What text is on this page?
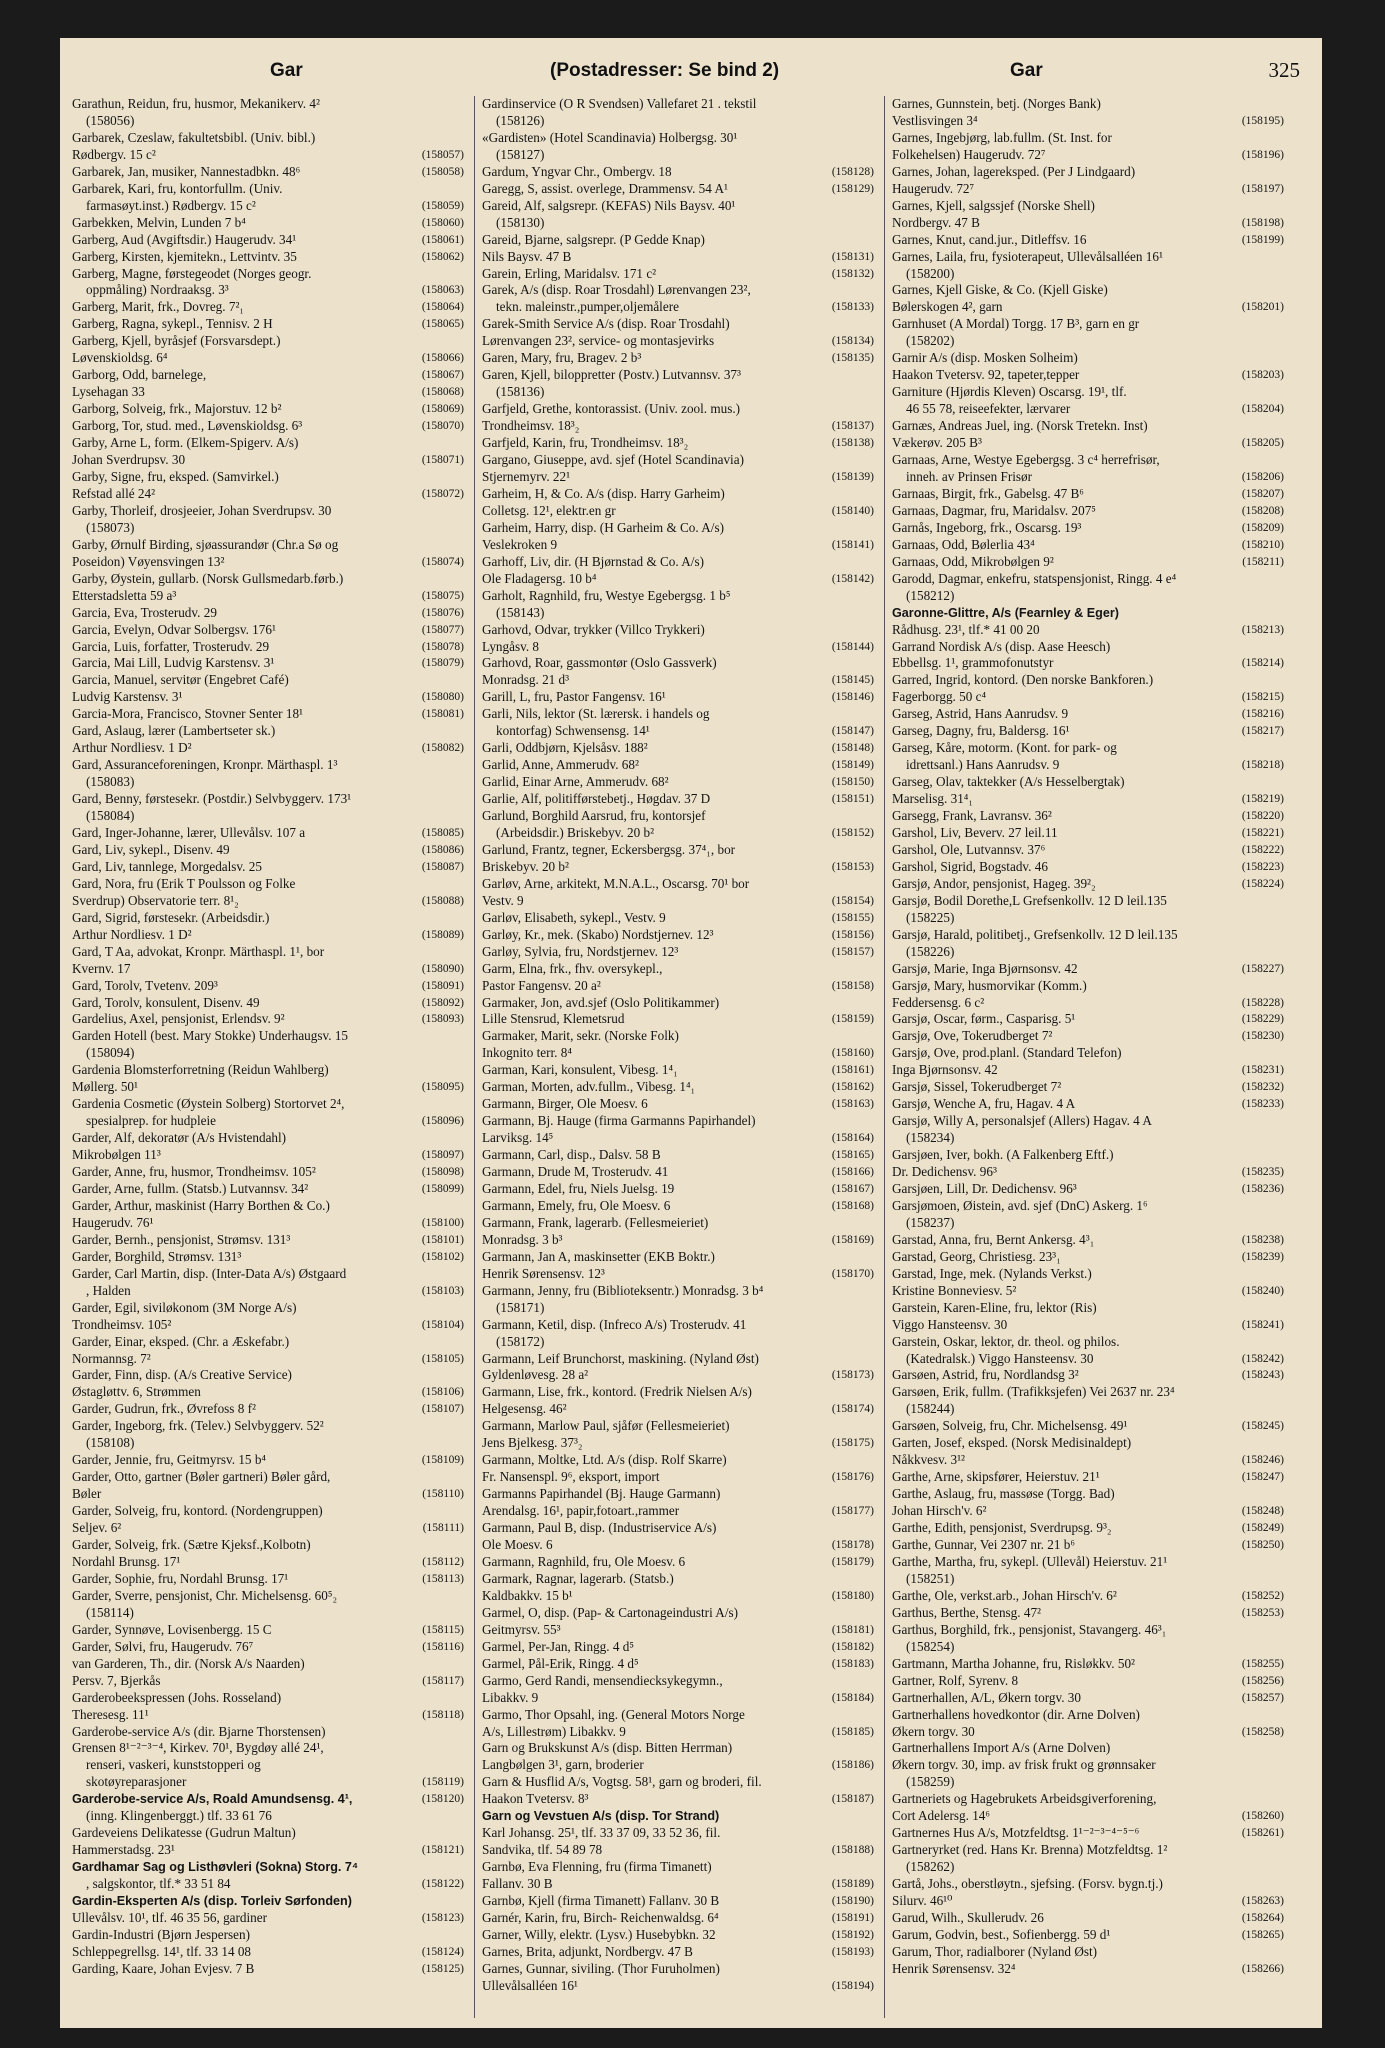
Gar	(Postadresser: Se bind 2)	Gar	325
Garathun, Reidun, fru, husmor, Mekanikerv. 4²
(158056)
Garbarek, Czeslaw, fakultetsbibl. (Univ. bibl.)
Rødbergv. 15 c²	(158057)
Garbarek, Jan, musiker, Nannestadbkn. 48⁶	(158058)
Garbarek, Kari, fru, kontorfullm. (Univ.
farmasøyt.inst.) Rødbergv. 15 c²	(158059)
Garbekken, Melvin, Lunden 7 b⁴	(158060)
Garberg, Aud (Avgiftsdir.) Haugerudv. 34¹	(158061)
Garberg, Kirsten, kjemitekn., Lettvintv. 35	(158062)
Garberg, Magne, førstegeodet (Norges geogr.
oppmåling) Nordraaksg. 3³	(158063)
Garberg, Marit, frk., Dovreg. 7²₁	(158064)
Garberg, Ragna, sykepl., Tennisv. 2 H	(158065)
Garberg, Kjell, byråsjef (Forsvarsdept.)
Løvenskioldsg. 6⁴	(158066)
Garborg, Odd, barnelege,	(158067)
Lysehagan 33	(158068)
Garborg, Solveig, frk., Majorstuv. 12 b²	(158069)
Garborg, Tor, stud. med., Løvenskioldsg. 6³	(158070)
Garby, Arne L, form. (Elkem-Spigerv. A/s)
Johan Sverdrupsv. 30	(158071)
Garby, Signe, fru, eksped. (Samvirkel.)
Refstad allé 24²	(158072)
Garby, Thorleif, drosjeeier, Johan Sverdrupsv. 30
(158073)
Garby, Ørnulf Birding, sjøassurandør (Chr.a Sø og
Poseidon) Vøyensvingen 13²	(158074)
Garby, Øystein, gullarb. (Norsk Gullsmedarb.førb.)
Etterstadsletta 59 a³	(158075)
Garcia, Eva, Trosterudv. 29	(158076)
Garcia, Evelyn, Odvar Solbergsv. 176¹	(158077)
Garcia, Luis, forfatter, Trosterudv. 29	(158078)
Garcia, Mai Lill, Ludvig Karstensv. 3¹	(158079)
Garcia, Manuel, servitør (Engebret Café)
Ludvig Karstensv. 3¹	(158080)
Garcia-Mora, Francisco, Stovner Senter 18¹	(158081)
Gard, Aslaug, lærer (Lambertseter sk.)
Arthur Nordliesv. 1 D²	(158082)
Gard, Assuranceforeningen, Kronpr. Märthaspl. 1³
(158083)
Gard, Benny, førstesekr. (Postdir.) Selvbyggerv. 173¹
(158084)
Gard, Inger-Johanne, lærer, Ullevålsv. 107 a	(158085)
Gard, Liv, sykepl., Disenv. 49	(158086)
Gard, Liv, tannlege, Morgedalsv. 25	(158087)
Gard, Nora, fru (Erik T Poulsson og Folke
Sverdrup) Observatorie terr. 8¹₂	(158088)
Gard, Sigrid, førstesekr. (Arbeidsdir.)
Arthur Nordliesv. 1 D²	(158089)
Gard, T Aa, advokat, Kronpr. Märthaspl. 1¹, bor
Kvernv. 17	(158090)
Gard, Torolv, Tvetenv. 209³	(158091)
Gard, Torolv, konsulent, Disenv. 49	(158092)
Gardelius, Axel, pensjonist, Erlendsv. 9²	(158093)
Garden Hotell (best. Mary Stokke) Underhaugsv. 15
(158094)
Gardenia Blomsterforretning (Reidun Wahlberg)
Møllerg. 50¹	(158095)
Gardenia Cosmetic (Øystein Solberg) Stortorvet 2⁴,
spesialprep. for hudpleie	(158096)
Garder, Alf, dekoratør (A/s Hvistendahl)
Mikrobølgen 11³	(158097)
Garder, Anne, fru, husmor, Trondheimsv. 105²	(158098)
Garder, Arne, fullm. (Statsb.) Lutvannsv. 34²	(158099)
Garder, Arthur, maskinist (Harry Borthen & Co.)
Haugerudv. 76¹	(158100)
Garder, Bernh., pensjonist, Strømsv. 131³	(158101)
Garder, Borghild, Strømsv. 131³	(158102)
Garder, Carl Martin, disp. (Inter-Data A/s) Østgaard
, Halden	(158103)
Garder, Egil, siviløkonom (3M Norge A/s)
Trondheimsv. 105²	(158104)
Garder, Einar, eksped. (Chr. a Æskefabr.)
Normannsg. 7²	(158105)
Garder, Finn, disp. (A/s Creative Service)
Østagløttv. 6, Strømmen	(158106)
Garder, Gudrun, frk., Øvrefoss 8 f²	(158107)
Garder, Ingeborg, frk. (Telev.) Selvbyggerv. 52²
(158108)
Garder, Jennie, fru, Geitmyrsv. 15 b⁴	(158109)
Garder, Otto, gartner (Bøler gartneri) Bøler gård,
Bøler	(158110)
Garder, Solveig, fru, kontord. (Nordengruppen)
Seljev. 6²	(158111)
Garder, Solveig, frk. (Sætre Kjeksf.,Kolbotn)
Nordahl Brunsg. 17¹	(158112)
Garder, Sophie, fru, Nordahl Brunsg. 17¹	(158113)
Garder, Sverre, pensjonist, Chr. Michelsensg. 60⁵₂
(158114)
Garder, Synnøve, Lovisenbergg. 15 C	(158115)
Garder, Sølvi, fru, Haugerudv. 76⁷	(158116)
van Garderen, Th., dir. (Norsk A/s Naarden)
Persv. 7, Bjerkås	(158117)
Garderobeekspressen (Johs. Rosseland)
Theresesg. 11¹	(158118)
Garderobe-service A/s (dir. Bjarne Thorstensen)
Grensen 8¹⁻²⁻³⁻⁴, Kirkev. 70¹, Bygdøy allé 24¹,
renseri, vaskeri, kunststopperi og
skotøyreparasjoner	(158119)
Garderobe-service A/s, Roald Amundsensg. 4¹,	(158120)
(inng. Klingenberggt.) tlf. 33 61 76
Gardeveiens Delikatesse (Gudrun Maltun)
Hammerstadsg. 23¹	(158121)
Gardhamar Sag og Listhøvleri (Sokna) Storg. 7⁴
, salgskontor, tlf.* 33 51 84	(158122)
Gardin-Eksperten A/s (disp. Torleiv Sørfonden)
Ullevålsv. 10¹, tlf. 46 35 56, gardiner	(158123)
Gardin-Industri (Bjørn Jespersen)
Schleppegrellsg. 14¹, tlf. 33 14 08	(158124)
Garding, Kaare, Johan Evjesv. 7 B	(158125)
Gardinservice (O R Svendsen) Vallefaret 21 . tekstil
(158126)
«Gardisten» (Hotel Scandinavia) Holbergsg. 30¹
(158127)
Gardum, Yngvar Chr., Ombergv. 18	(158128)
Garegg, S, assist. overlege, Drammensv. 54 A¹	(158129)
Gareid, Alf, salgsrepr. (KEFAS) Nils Baysv. 40¹
(158130)
Gareid, Bjarne, salgsrepr. (P Gedde Knap)
Nils Baysv. 47 B	(158131)
Garein, Erling, Maridalsv. 171 c²	(158132)
Garek, A/s (disp. Roar Trosdahl) Lørenvangen 23²,
tekn. maleinstr.,pumper,oljemålere	(158133)
Garek-Smith Service A/s (disp. Roar Trosdahl)
Lørenvangen 23², service- og montasjevirks	(158134)
Garen, Mary, fru, Bragev. 2 b³	(158135)
Garen, Kjell, biloppretter (Postv.) Lutvannsv. 37³
(158136)
Garfjeld, Grethe, kontorassist. (Univ. zool. mus.)
Trondheimsv. 18³₂	(158137)
Garfjeld, Karin, fru, Trondheimsv. 18³₂	(158138)
Gargano, Giuseppe, avd. sjef (Hotel Scandinavia)
Stjernemyrv. 22¹	(158139)
Garheim, H, & Co. A/s (disp. Harry Garheim)
Colletsg. 12¹, elektr.en gr	(158140)
Garheim, Harry, disp. (H Garheim & Co. A/s)
Veslekroken 9	(158141)
Garhoff, Liv, dir. (H Bjørnstad & Co. A/s)
Ole Fladagersg. 10 b⁴	(158142)
Garholt, Ragnhild, fru, Westye Egebergsg. 1 b⁵
(158143)
Garhovd, Odvar, trykker (Villco Trykkeri)
Lyngåsv. 8	(158144)
Garhovd, Roar, gassmontør (Oslo Gassverk)
Monradsg. 21 d³	(158145)
Garill, L, fru, Pastor Fangensv. 16¹	(158146)
Garli, Nils, lektor (St. lærersk. i handels og
kontorfag) Schwensensg. 14¹	(158147)
Garli, Oddbjørn, Kjelsåsv. 188²	(158148)
Garlid, Anne, Ammerudv. 68²	(158149)
Garlid, Einar Arne, Ammerudv. 68²	(158150)
Garlie, Alf, politifførstebetj., Høgdav. 37 D	(158151)
Garlund, Borghild Aarsrud, fru, kontorsjef
(Arbeidsdir.) Briskebyv. 20 b²	(158152)
Garlund, Frantz, tegner, Eckersbergsg. 37⁴₁, bor
Briskebyv. 20 b²	(158153)
Garløv, Arne, arkitekt, M.N.A.L., Oscarsg. 70¹ bor
Vestv. 9	(158154)
Garløv, Elisabeth, sykepl., Vestv. 9	(158155)
Garløy, Kr., mek. (Skabo) Nordstjernev. 12³	(158156)
Garløy, Sylvia, fru, Nordstjernev. 12³	(158157)
Garm, Elna, frk., fhv. oversykepl.,
Pastor Fangensv. 20 a²	(158158)
Garmaker, Jon, avd.sjef (Oslo Politikammer)
Lille Stensrud, Klemetsrud	(158159)
Garmaker, Marit, sekr. (Norske Folk)
Inkognito terr. 8⁴	(158160)
Garman, Kari, konsulent, Vibesg. 1⁴₁	(158161)
Garman, Morten, adv.fullm., Vibesg. 1⁴₁	(158162)
Garmann, Birger, Ole Moesv. 6	(158163)
Garmann, Bj. Hauge (firma Garmanns Papirhandel)
Larviksg. 14⁵	(158164)
Garmann, Carl, disp., Dalsv. 58 B	(158165)
Garmann, Drude M, Trosterudv. 41	(158166)
Garmann, Edel, fru, Niels Juelsg. 19	(158167)
Garmann, Emely, fru, Ole Moesv. 6	(158168)
Garmann, Frank, lagerarb. (Fellesmeieriet)
Monradsg. 3 b³	(158169)
Garmann, Jan A, maskinsetter (EKB Boktr.)
Henrik Sørensensv. 12³	(158170)
Garmann, Jenny, fru (Biblioteksentr.) Monradsg. 3 b⁴
(158171)
Garmann, Ketil, disp. (Infreco A/s) Trosterudv. 41
(158172)
Garmann, Leif Brunchorst, maskining. (Nyland Øst)
Gyldenløvesg. 28 a²	(158173)
Garmann, Lise, frk., kontord. (Fredrik Nielsen A/s)
Helgesensg. 46²	(158174)
Garmann, Marlow Paul, sjåfør (Fellesmeieriet)
Jens Bjelkesg. 37³₂	(158175)
Garmann, Moltke, Ltd. A/s (disp. Rolf Skarre)
Fr. Nansenspl. 9⁶, eksport, import	(158176)
Garmanns Papirhandel (Bj. Hauge Garmann)
Arendalsg. 16¹, papir,fotoart.,rammer	(158177)
Garmann, Paul B, disp. (Industriservice A/s)
Ole Moesv. 6	(158178)
Garmann, Ragnhild, fru, Ole Moesv. 6	(158179)
Garmark, Ragnar, lagerarb. (Statsb.)
Kaldbakkv. 15 b¹	(158180)
Garmel, O, disp. (Pap- & Cartonageindustri A/s)
Geitmyrsv. 55³	(158181)
Garmel, Per-Jan, Ringg. 4 d⁵	(158182)
Garmel, Pål-Erik, Ringg. 4 d⁵	(158183)
Garmo, Gerd Randi, mensendiecksykegymn.,
Libakkv. 9	(158184)
Garmo, Thor Opsahl, ing. (General Motors Norge
A/s, Lillestrøm) Libakkv. 9	(158185)
Garn og Brukskunst A/s (disp. Bitten Herrman)
Langbølgen 3¹, garn, broderier	(158186)
Garn & Husflid A/s, Vogtsg. 58¹, garn og broderi, fil.
Haakon Tvetersv. 8³	(158187)
Garn og Vevstuen A/s (disp. Tor Strand)
Karl Johansg. 25¹, tlf. 33 37 09, 33 52 36, fil.
Sandvika, tlf. 54 89 78	(158188)
Garnbø, Eva Flenning, fru (firma Timanett)
Fallanv. 30 B	(158189)
Garnbø, Kjell (firma Timanett) Fallanv. 30 B	(158190)
Garnér, Karin, fru, Birch- Reichenwaldsg. 6⁴	(158191)
Garner, Willy, elektr. (Lysv.) Husebybkn. 32	(158192)
Garnes, Brita, adjunkt, Nordbergv. 47 B	(158193)
Garnes, Gunnar, siviling. (Thor Furuholmen)
Ullevålsalléen 16¹	(158194)
Garnes, Gunnstein, betj. (Norges Bank)
Vestlisvingen 3⁴	(158195)
Garnes, Ingebjørg, lab.fullm. (St. Inst. for
Folkehelsen) Haugerudv. 72⁷	(158196)
Garnes, Johan, lagereksped. (Per J Lindgaard)
Haugerudv. 72⁷	(158197)
Garnes, Kjell, salgssjef (Norske Shell)
Nordbergv. 47 B	(158198)
Garnes, Knut, cand.jur., Ditleffsv. 16	(158199)
Garnes, Laila, fru, fysioterapeut, Ullevålsalléen 16¹
(158200)
Garnes, Kjell Giske, & Co. (Kjell Giske)
Bølerskogen 4², garn	(158201)
Garnhuset (A Mordal) Torgg. 17 B³, garn en gr
(158202)
Garnir A/s (disp. Mosken Solheim)
Haakon Tvetersv. 92, tapeter,tepper	(158203)
Garniture (Hjørdis Kleven) Oscarsg. 19¹, tlf.
46 55 78, reiseefekter, lærvarer	(158204)
Garnæs, Andreas Juel, ing. (Norsk Tretekn. Inst)
Vækerøv. 205 B³	(158205)
Garnaas, Arne, Westye Egebergsg. 3 c⁴ herrefrisør,
inneh. av Prinsen Frisør	(158206)
Garnaas, Birgit, frk., Gabelsg. 47 B⁶	(158207)
Garnaas, Dagmar, fru, Maridalsv. 207⁵	(158208)
Garnås, Ingeborg, frk., Oscarsg. 19³	(158209)
Garnaas, Odd, Bølerlia 43⁴	(158210)
Garnaas, Odd, Mikrobølgen 9²	(158211)
Garodd, Dagmar, enkefru, statspensjonist, Ringg. 4 e⁴
(158212)
Garonne-Glittre, A/s (Fearnley & Eger)
Rådhusg. 23¹, tlf.* 41 00 20	(158213)
Garrand Nordisk A/s (disp. Aase Heesch)
Ebbellsg. 1¹, grammofonutstyr	(158214)
Garred, Ingrid, kontord. (Den norske Bankforen.)
Fagerborgg. 50 c⁴	(158215)
Garseg, Astrid, Hans Aanrudsv. 9	(158216)
Garseg, Dagny, fru, Baldersg. 16¹	(158217)
Garseg, Kåre, motorm. (Kont. for park- og
idrettsanl.) Hans Aanrudsv. 9	(158218)
Garseg, Olav, taktekker (A/s Hesselbergtak)
Marselisg. 31⁴₁	(158219)
Garsegg, Frank, Lavransv. 36²	(158220)
Garshol, Liv, Beverv. 27 leil.11	(158221)
Garshol, Ole, Lutvannsv. 37⁶	(158222)
Garshol, Sigrid, Bogstadv. 46	(158223)
Garsjø, Andor, pensjonist, Hageg. 39²₂	(158224)
Garsjø, Bodil Dorethe,L Grefsenkollv. 12 D leil.135
(158225)
Garsjø, Harald, politibetj., Grefsenkollv. 12 D leil.135
(158226)
Garsjø, Marie, Inga Bjørnsonsv. 42	(158227)
Garsjø, Mary, husmorvikar (Komm.)
Feddersensg. 6 c²	(158228)
Garsjø, Oscar, førm., Casparisg. 5¹	(158229)
Garsjø, Ove, Tokerudberget 7²	(158230)
Garsjø, Ove, prod.planl. (Standard Telefon)
Inga Bjørnsonsv. 42	(158231)
Garsjø, Sissel, Tokerudberget 7²	(158232)
Garsjø, Wenche A, fru, Hagav. 4 A	(158233)
Garsjø, Willy A, personalsjef (Allers) Hagav. 4 A
(158234)
Garsjøen, Iver, bokh. (A Falkenberg Eftf.)
Dr. Dedichensv. 96³	(158235)
Garsjøen, Lill, Dr. Dedichensv. 96³	(158236)
Garsjømoen, Øistein, avd. sjef (DnC) Askerg. 1⁶
(158237)
Garstad, Anna, fru, Bernt Ankersg. 4³₁	(158238)
Garstad, Georg, Christiesg. 23³₁	(158239)
Garstad, Inge, mek. (Nylands Verkst.)
Kristine Bonneviesv. 5²	(158240)
Garstein, Karen-Eline, fru, lektor (Ris)
Viggo Hansteensv. 30	(158241)
Garstein, Oskar, lektor, dr. theol. og philos.
(Katedralsk.) Viggo Hansteensv. 30	(158242)
Garsøen, Astrid, fru, Nordlandsg 3²	(158243)
Garsøen, Erik, fullm. (Trafikksjefen) Vei 2637 nr. 23⁴
(158244)
Garsøen, Solveig, fru, Chr. Michelsensg. 49¹	(158245)
Garten, Josef, eksped. (Norsk Medisinaldept)
Nåkkvesv. 3¹²	(158246)
Garthe, Arne, skipsfører, Heierstuv. 21¹	(158247)
Garthe, Aslaug, fru, massøse (Torgg. Bad)
Johan Hirsch'v. 6²	(158248)
Garthe, Edith, pensjonist, Sverdrupsg. 9³₂	(158249)
Garthe, Gunnar, Vei 2307 nr. 21 b⁶	(158250)
Garthe, Martha, fru, sykepl. (Ullevål) Heierstuv. 21¹
(158251)
Garthe, Ole, verkst.arb., Johan Hirsch'v. 6²	(158252)
Garthus, Berthe, Stensg. 47²	(158253)
Garthus, Borghild, frk., pensjonist, Stavangerg. 46³₁
(158254)
Gartmann, Martha Johanne, fru, Risløkkv. 50²	(158255)
Gartner, Rolf, Syrenv. 8	(158256)
Gartnerhallen, A/L, Økern torgv. 30	(158257)
Gartnerhallens hovedkontor (dir. Arne Dolven)
Økern torgv. 30	(158258)
Gartnerhallens Import A/s (Arne Dolven)
Økern torgv. 30, imp. av frisk frukt og grønnsaker
(158259)
Gartneriets og Hagebrukets Arbeidsgiverforening,
Cort Adelersg. 14⁶	(158260)
Gartnernes Hus A/s, Motzfeldtsg. 1¹⁻²⁻³⁻⁴⁻⁵⁻⁶	(158261)
Gartneryrket (red. Hans Kr. Brenna) Motzfeldtsg. 1²
(158262)
Gartå, Johs., oberstløytn., sjefsing. (Forsv. bygn.tj.)
Silurv. 46¹⁰	(158263)
Garud, Wilh., Skullerudv. 26	(158264)
Garum, Godvin, best., Sofienbergg. 59 d¹	(158265)
Garum, Thor, radialborer (Nyland Øst)
Henrik Sørensensv. 32⁴	(158266)
